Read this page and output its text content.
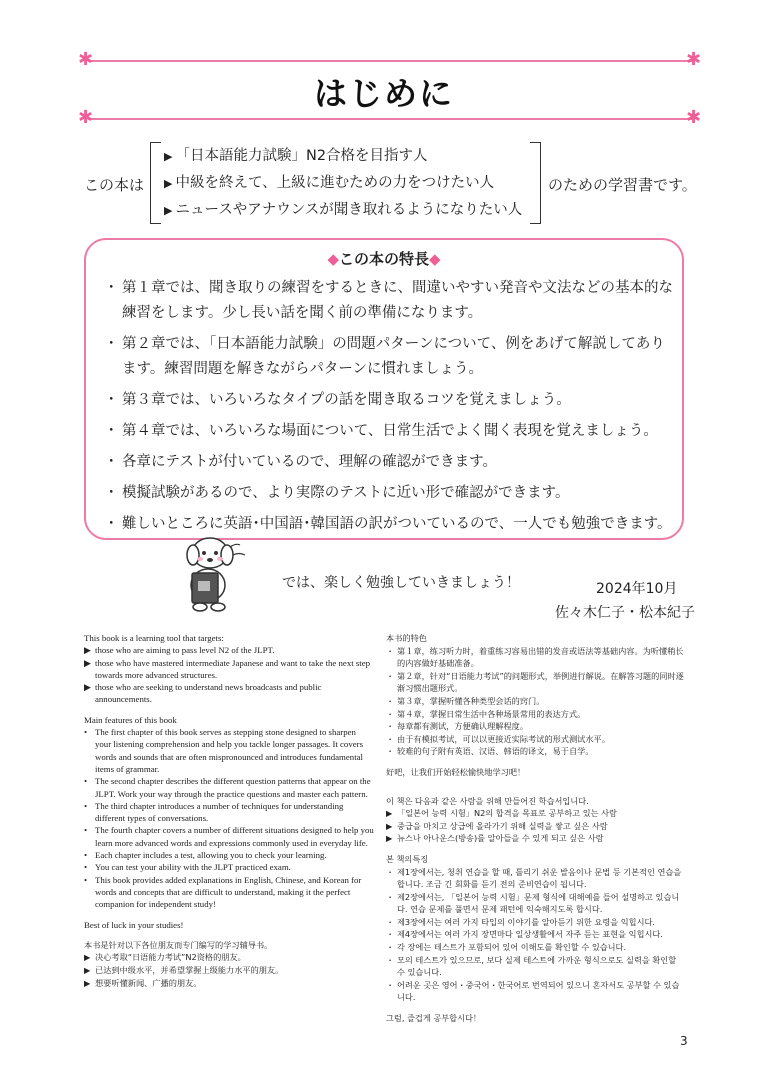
✱	✱
はじめに
✱	✱
この本は
▶ 「日本語能力試験」N2合格を目指す人
▶ 中級を終えて、上級に進むための力をつけたい人
▶ ニュースやアナウンスが聞き取れるようになりたい人
のための学習書です。
◆この本の特長◆
・ 第１章では、聞き取りの練習をするときに、間違いやすい発音や文法などの基本的な練習をします。少し長い話を聞く前の準備になります。
・ 第２章では、「日本語能力試験」の問題パターンについて、例をあげて解説してあります。練習問題を解きながらパターンに慣れましょう。
・ 第３章では、いろいろなタイプの話を聞き取るコツを覚えましょう。
・ 第４章では、いろいろな場面について、日常生活でよく聞く表現を覚えましょう。
・ 各章にテストが付いているので、理解の確認ができます。
・ 模擬試験があるので、より実際のテストに近い形で確認ができます。
・ 難しいところに英語･中国語･韓国語の訳がついているので、一人でも勉強できます。
では、楽しく勉強していきましょう！	2024年10月
佐々木仁子・松本紀子
This book is a learning tool that targets:
▶ those who are aiming to pass level N2 of the JLPT.
▶ those who have mastered intermediate Japanese and want to take the next step towards more advanced structures.
▶ those who are seeking to understand news broadcasts and public announcements.
Main features of this book
• The first chapter of this book serves as stepping stone designed to sharpen your listening comprehension and help you tackle longer passages. It covers words and sounds that are often mispronounced and introduces fundamental items of grammar.
• The second chapter describes the different question patterns that appear on the JLPT. Work your way through the practice questions and master each pattern.
• The third chapter introduces a number of techniques for understanding different types of conversations.
• The fourth chapter covers a number of different situations designed to help you learn more advanced words and expressions commonly used in everyday life.
• Each chapter includes a test, allowing you to check your learning.
• You can test your ability with the JLPT practiced exam.
• This book provides added explanations in English, Chinese, and Korean for words and concepts that are difficult to understand, making it the perfect companion for independent study!
Best of luck in your studies!
本书是针对以下各位朋友而专门编写的学习辅导书。
▶ 决心考取“日语能力考试”N2资格的朋友。
▶ 已达到中级水平，并希望掌握上级能力水平的朋友。
▶ 想要听懂新闻、广播的朋友。
本书的特色
・ 第１章，练习听力时，着重练习容易出错的发音或语法等基础内容。为听懂稍长的内容做好基础准备。
・ 第２章，针对“日语能力考试”的问题形式，举例进行解说。在解答习题的同时逐渐习惯出题形式。
・ 第３章，掌握听懂各种类型会话的窍门。
・ 第４章，掌握日常生活中各种场景常用的表达方式。
・ 每章都有测试，方便确认理解程度。
・ 由于有模拟考试，可以以更接近实际考试的形式测试水平。
・ 较难的句子附有英语、汉语、韩语的译文，易于自学。
好吧，让我们开始轻松愉快地学习吧！
이 책은 다음과 같은 사람을 위해 만들어진 학습서입니다.
▶ 「일본어 능력 시험」N2의 합격을 목표로 공부하고 있는 사람
▶ 중급을 마치고 상급에 올라가기 위해 실력을 쌓고 싶은 사람
▶ 뉴스나 아나운스(방송)를 알아들을 수 있게 되고 싶은 사람
본 책의특징
・ 제1장에서는, 청취 연습을 할 때, 틀리기 쉬운 발음이나 문법 등 기본적인 연습을 합니다. 조금 긴 회화를 듣기 전의 준비연습이 됩니다.
・ 제2장에서는, 「일본어 능력 시험」문제 형식에 대해예를 들어 설명하고 있습니다. 연습 문제를 풀면서 문제 패턴에 익숙해지도록 합시다.
・ 제3장에서는 여러 가지 타입의 이야기를 알아듣기 위한 요령을 익힙시다.
・ 제4장에서는 여러 가지 장면마다 일상생활에서 자주 듣는 표현을 익힙시다.
・ 각 장에는 테스트가 포함되어 있어 이해도를 확인할 수 있습니다.
・ 모의 테스트가 있으므로, 보다 실제 테스트에 가까운 형식으로도 실력을 확인할 수 있습니다.
・ 어려운 곳은 영어・중국어・한국어로 번역되어 있으니 혼자서도 공부할 수 있습니다.
그럼, 즐겁게 공부합시다！
3
